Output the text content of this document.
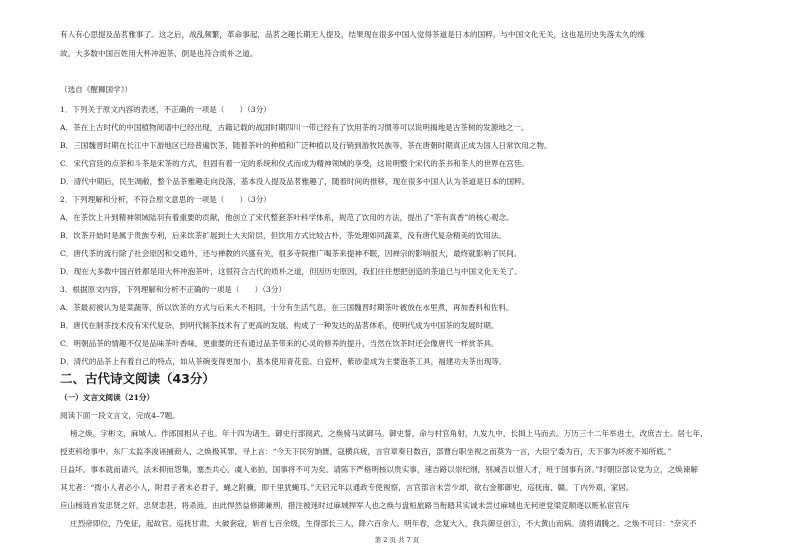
有人有心思提及品茗雅事了。这之后，战乱频繁，革命事起，品茗之趣长期无人提及，结果现在很多中国人觉得茶道是日本的国粹，与中国文化无关，这也是历史失落太久的缘
故。大多数中国百姓用大杯冲泡茶，倒是也符合质朴之道。
（选自《醒狮国学》）
1．下列关于原文内容的表述，不正确的一项是（　　）（3分）
A．茶在上古时代的中国植物阅谱中已经出现，古籍记载的战国时期四川一带已经有了饮用茶的习惯等可以说明揭地是古茶树的发源地之一。
B．三国魏晋时期在长江中下游地区已经普遍饮茶，随着茶叶的种植和广泛种植以及行销到游牧民族等，茶在唐朝时期真正成为国人日常饮用之物。
C．宋代宫廷的点茶和斗茶是宋茶的方式，但固有着一定的系统和仪式而成为精神领域的享受，这说明整个宋代的茶书和茶人的世界在宫廷。
D．清代中期后，民生凋敝，整个品茶雅趣走向没落，基本没人提及品茗雅趣了，随着时间的推移，现在很多中国人认为茶道是日本的国粹。
2．下列理解和分析，不符合原文意思的一项是（　　）（3分）
A．在茶饮上升到精神领域陆羽有着重要的贡献，他创立了宋代整套茶叶科学体系，规范了饮用的方法，提出了“茶有真香”的核心观念。
B．饮茶开始时是属于贵族专利，后来饮茶扩展到士大夫阶层，但饮用方式比较古朴，茶处理如同蔬菜，没有唐代复杂精美的饮用法。
C．唐代茶的流行除了社会原因和交通外，还与禅教的兴盛有关，很多寺院推广喝茶来提神不眠，因禅宗的影响很大，最终就影响了民间。
D．现在大多数中国百姓都是用大杯冲泡茶叶，这很符合古代的质朴之道，但因历史原因，我们往往想把创造的茶道已与中国文化无关了。
3．根据原文内容，下列理解和分析不正确的一项是（　　）（3分）
A．茶最初被认为是菜蔬等，所以饮茶的方式与后来大不相同，十分有生活气息，在三国魏晋时期茶叶被放在水里煮，再加香料和佐料。
B．唐代在制茶技术没有宋代复杂，到明代制茶技术有了更高的发展，构成了一种发达的品茗体系，使明代成为中国茶的发展时期。
C．明朝品茶的情趣不仅是品味茶叶香味，更重要的还有通过品茶带来的心灵的修养的提升，当然在饮茶时还会像唐代一样赏茶具。
D．清代的品茶上有着自己的特点，如从茶碗变得更加小，基本使用青花瓷、白瓷杯，紫砂壶成为主要泡茶工具，福建功夫茶出现等。
二、古代诗文阅读（43分）
（一）文言文阅读（21分）
阅读下面一段文言文，完成4–7题。
榜之焕，字彬文，麻城人。作郎国相从子也。年十四为诸生。御史行部阅武，之焕骑马试御马。御史誓，命与村官角射，九发九中，长揖上马而去。万历三十二年举进士，改庶吉士。居七年，
授吏科给事中。东厂太监李浚诬捕商人，之焕极其罪。寻上言：“今天下民穷饷匮，寇横兵疲，言官章奏日数百，部曹台职坐视之而莫为一言，大臣宁委为百，天下事为坏废不知所底。”
日益坏。事本就而请兴，法未抑而怨集，塞杰共心，虞人弟拍，国事将不可为矣。请陈下严格明核以贵实事，速吉路以崇纪纲，别减否以惜人才，班于国事有济。”时朝臣部议党为立，之焕谏解
其尤者：“拨小人者必小人，附君子者未必君子，蝇之附骥，即千里犹蝇耳。”天启元年以通政专使视察，言官部言未尝少却，欲右金都御史，巡抚南、赣。丁内外艰，家居。
应山杨涟首发忠贤之奸，忠贤恚甚，将杀涟。由此悍然益修御兼刑，措注被迷时过麻城捍军人也之焕与盘桓旅路当衔踏其实诚未尝过麻城也无何逆党梁克顺逐以赃私宦官斥
庄烈帝即位，乃免征，起故官。巡抚甘肃。大破套寇，斩首七百余级，生得部长三人，降六百余人。明年春，念复大入，我兵御豆创①，不大黄山而病。清将请腾之。之焕不可曰：“奈灾不
第 2 页 共 7 页
